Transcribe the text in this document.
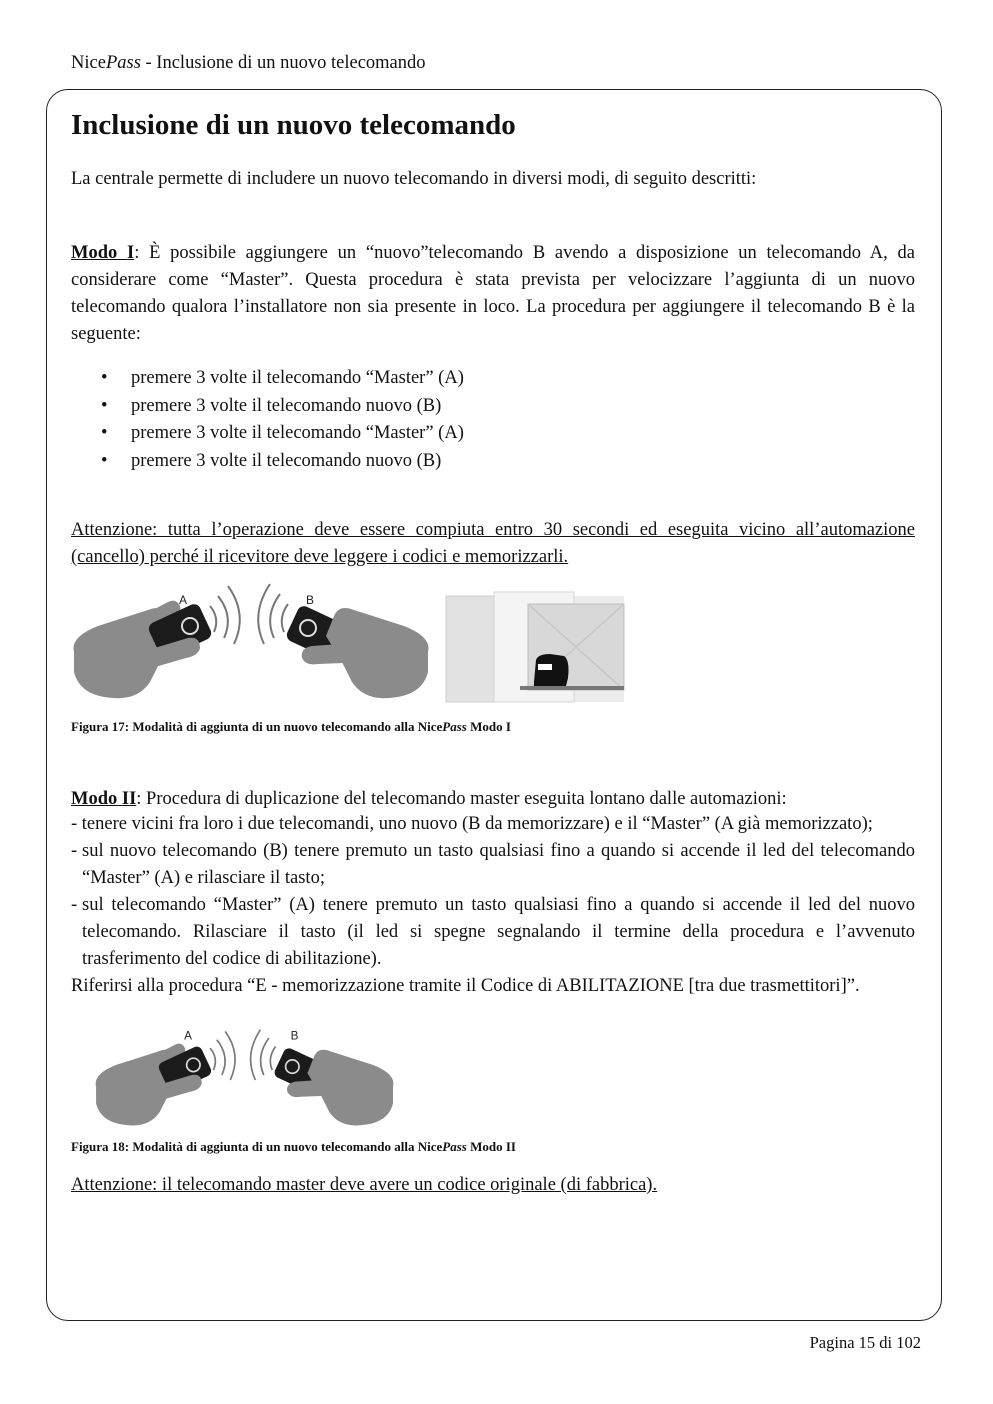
NicePass - Inclusione di un nuovo telecomando
Inclusione di un nuovo telecomando

La centrale permette di includere un nuovo telecomando in diversi modi, di seguito descritti:

Modo I: È possibile aggiungere un “nuovo”telecomando B avendo a disposizione un telecomando A, da considerare come “Master”. Questa procedura è stata prevista per velocizzare l’aggiunta di un nuovo telecomando qualora l’installatore non sia presente in loco. La procedura per aggiungere il telecomando B è la seguente:

• premere 3 volte il telecomando “Master” (A)
• premere 3 volte il telecomando nuovo (B)
• premere 3 volte il telecomando “Master” (A)
• premere 3 volte il telecomando nuovo (B)

Attenzione: tutta l’operazione deve essere compiuta entro 30 secondi ed eseguita vicino all’automazione (cancello) perché il ricevitore deve leggere i codici e memorizzarli.

A	B
Figura 17: Modalità di aggiunta di un nuovo telecomando alla NicePass Modo I

Modo II: Procedura di duplicazione del telecomando master eseguita lontano dalle automazioni:

- tenere vicini fra loro i due telecomandi, uno nuovo (B da memorizzare) e il “Master” (A già memorizzato);
- sul nuovo telecomando (B) tenere premuto un tasto qualsiasi fino a quando si accende il led del telecomando “Master” (A) e rilasciare il tasto;
- sul telecomando “Master” (A) tenere premuto un tasto qualsiasi fino a quando si accende il led del nuovo telecomando. Rilasciare il tasto (il led si spegne segnalando il termine della procedura e l’avvenuto trasferimento del codice di abilitazione).

Riferirsi alla procedura “E - memorizzazione tramite il Codice di ABILITAZIONE [tra due trasmettitori]”.

A	B
Figura 18: Modalità di aggiunta di un nuovo telecomando alla NicePass Modo II

Attenzione: il telecomando master deve avere un codice originale (di fabbrica).

Pagina 15 di 102
